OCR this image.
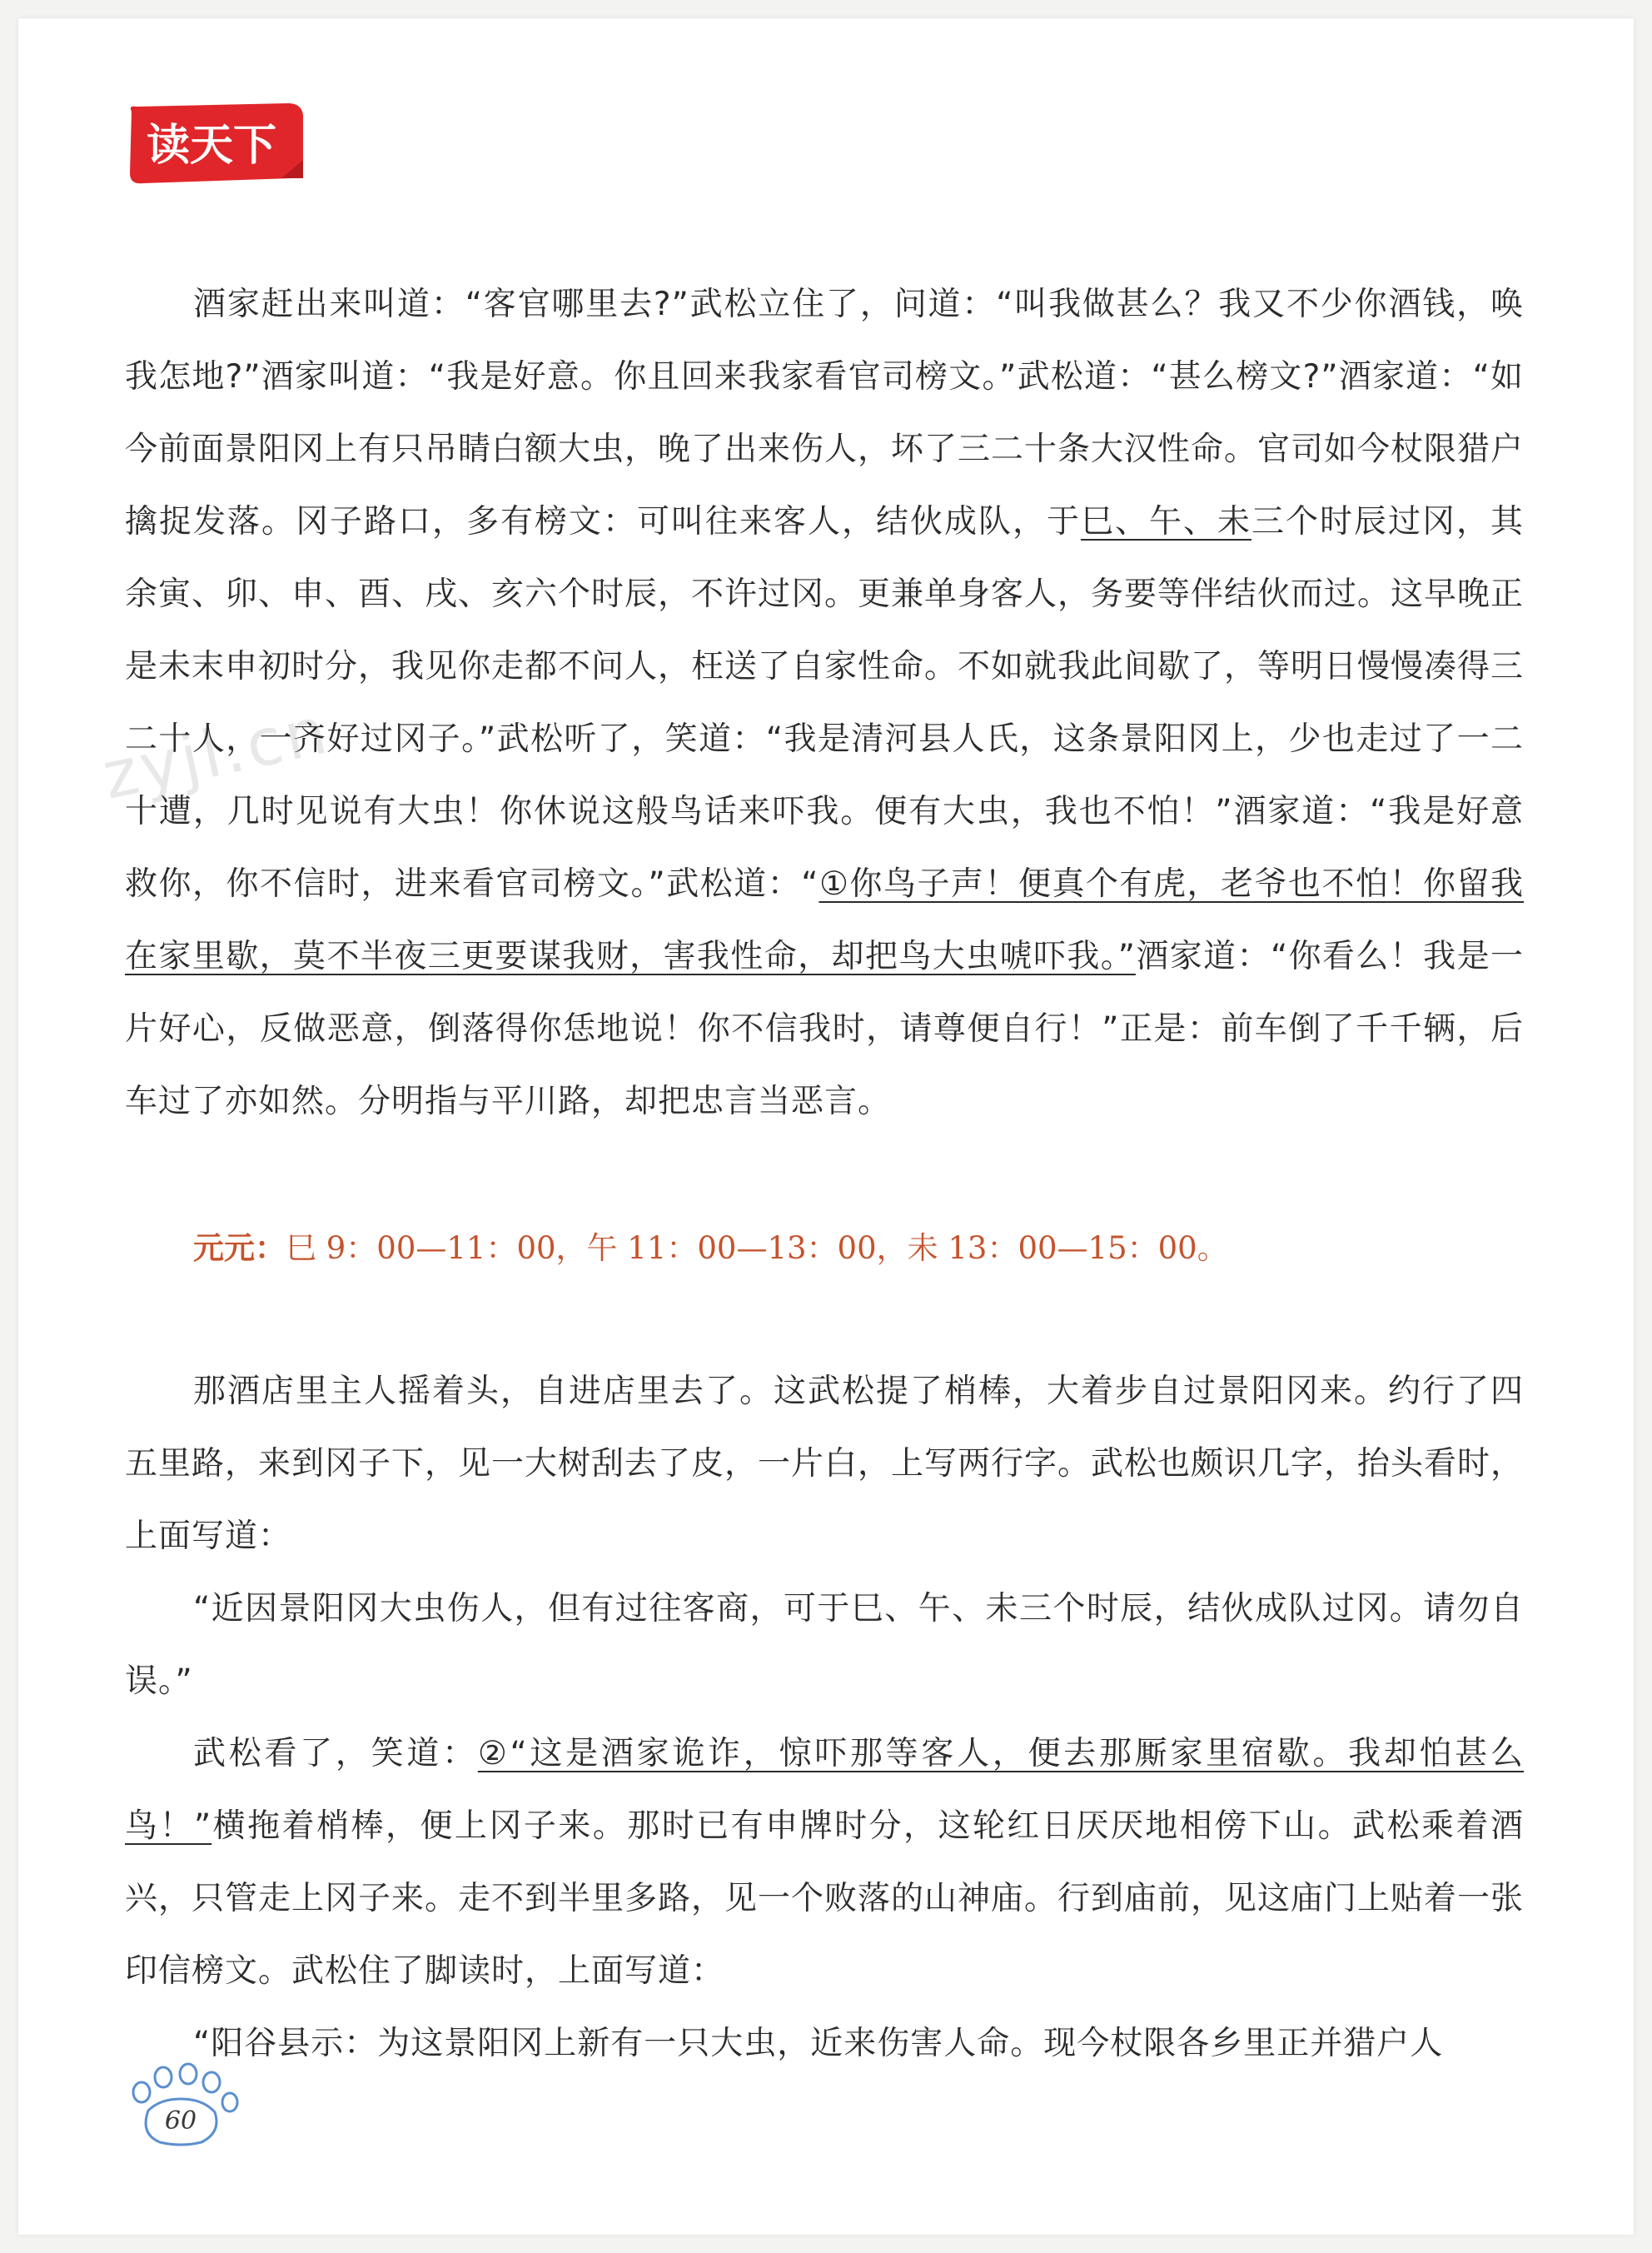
读天下
zyjl.cn

酒家赶出来叫道：“客官哪里去?”武松立住了，问道：“叫我做甚么？我又不少你酒钱，唤我怎地?”酒家叫道：“我是好意。你且回来我家看官司榜文。”武松道：“甚么榜文?”酒家道：“如今前面景阳冈上有只吊睛白额大虫，晚了出来伤人，坏了三二十条大汉性命。官司如今杖限猎户擒捉发落。冈子路口，多有榜文：可叫往来客人，结伙成队，于巳、午、未三个时辰过冈，其余寅、卯、申、酉、戌、亥六个时辰，不许过冈。更兼单身客人，务要等伴结伙而过。这早晚正是未末申初时分，我见你走都不问人，枉送了自家性命。不如就我此间歇了，等明日慢慢凑得三二十人，一齐好过冈子。”武松听了，笑道：“我是清河县人氏，这条景阳冈上，少也走过了一二十遭，几时见说有大虫！你休说这般鸟话来吓我。便有大虫，我也不怕！”酒家道：“我是好意救你，你不信时，进来看官司榜文。”武松道：“①你鸟子声！便真个有虎，老爷也不怕！你留我在家里歇，莫不半夜三更要谋我财，害我性命，却把鸟大虫唬吓我。”酒家道：“你看么！我是一片好心，反做恶意，倒落得你恁地说！你不信我时，请尊便自行！”正是：前车倒了千千辆，后车过了亦如然。分明指与平川路，却把忠言当恶言。

元元：巳 9：00—11：00，午 11：00—13：00，未 13：00—15：00。

那酒店里主人摇着头，自进店里去了。这武松提了梢棒，大着步自过景阳冈来。约行了四五里路，来到冈子下，见一大树刮去了皮，一片白，上写两行字。武松也颇识几字，抬头看时，上面写道：

“近因景阳冈大虫伤人，但有过往客商，可于巳、午、未三个时辰，结伙成队过冈。请勿自误。”

武松看了，笑道：②“这是酒家诡诈，惊吓那等客人，便去那厮家里宿歇。我却怕甚么鸟！”横拖着梢棒，便上冈子来。那时已有申牌时分，这轮红日厌厌地相傍下山。武松乘着酒兴，只管走上冈子来。走不到半里多路，见一个败落的山神庙。行到庙前，见这庙门上贴着一张印信榜文。武松住了脚读时，上面写道：

“阳谷县示：为这景阳冈上新有一只大虫，近来伤害人命。现今杖限各乡里正并猎户人

60
